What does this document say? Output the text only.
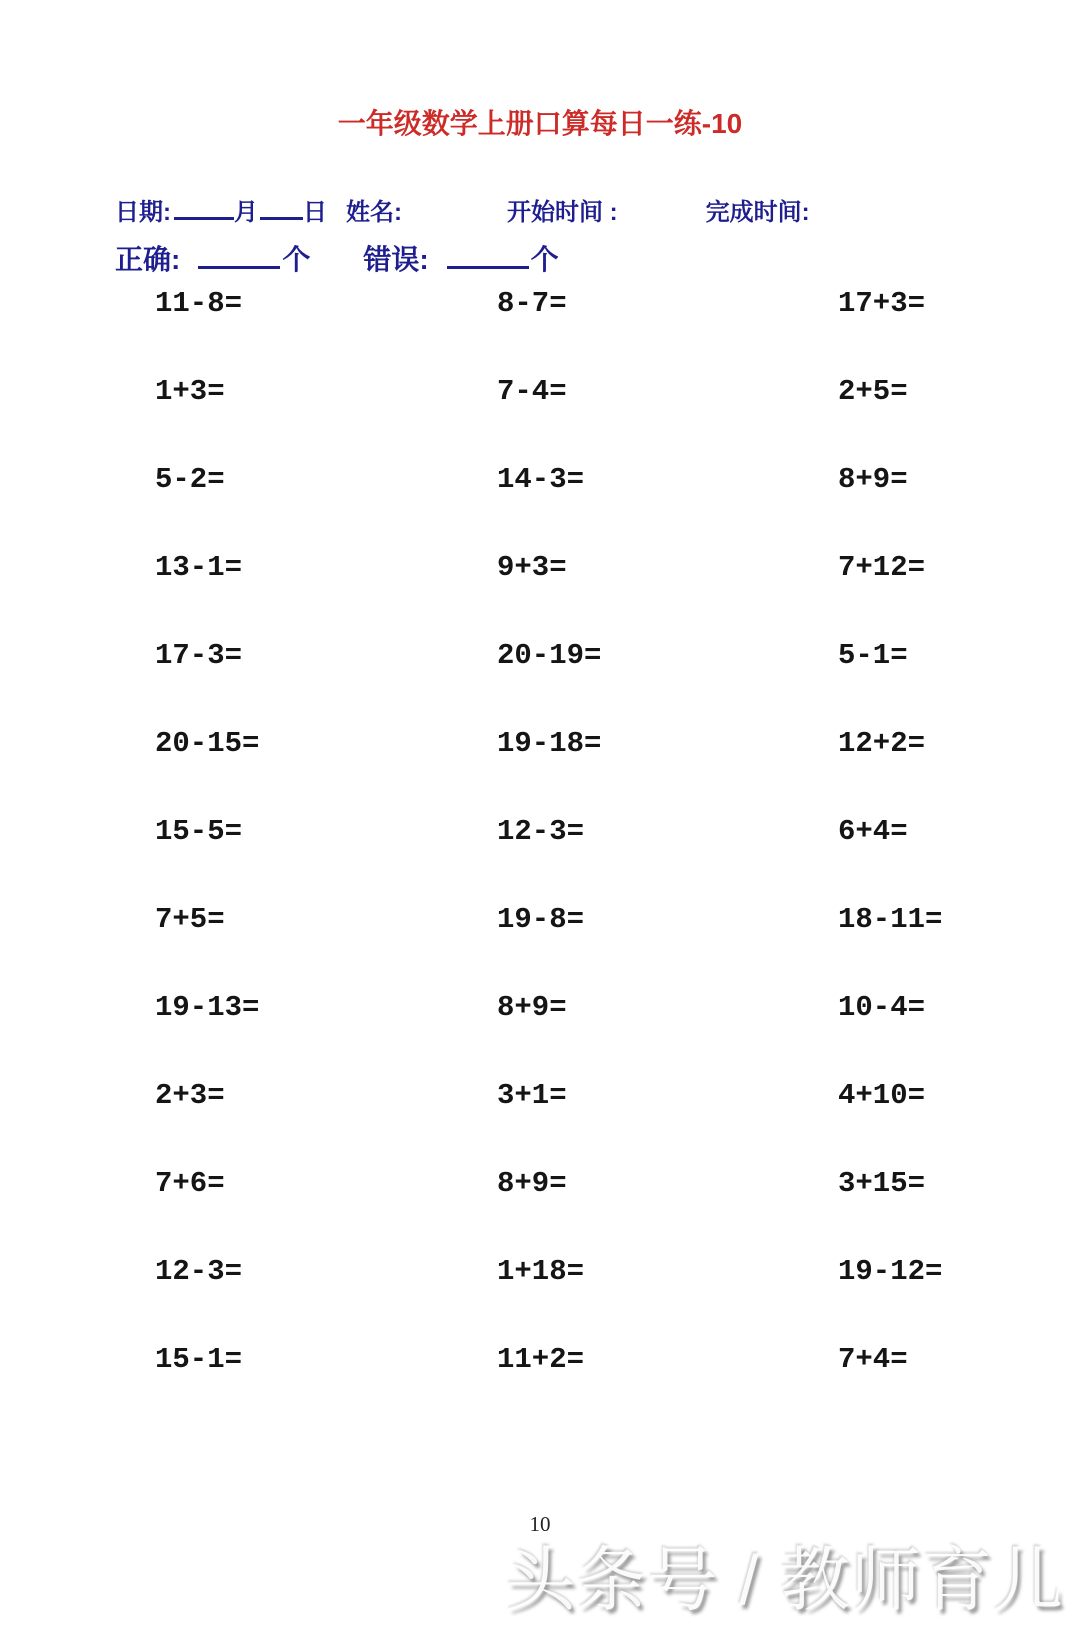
一年级数学上册口算每日一练-10
日期:	月 日 姓名:	开始时间 :	完成时间:
正确:	个 错误:	个
11-8=	8-7=	17+3=
1+3=	7-4=	2+5=
5-2=	14-3=	8+9=
13-1=	9+3=	7+12=
17-3=	20-19=	5-1=
20-15=	19-18=	12+2=
15-5=	12-3=	6+4=
7+5=	19-8=	18-11=
19-13=	8+9=	10-4=
2+3=	3+1=	4+10=
7+6=	8+9=	3+15=
12-3=	1+18=	19-12=
15-1=	11+2=	7+4=
10
头条号 / 教师育儿
